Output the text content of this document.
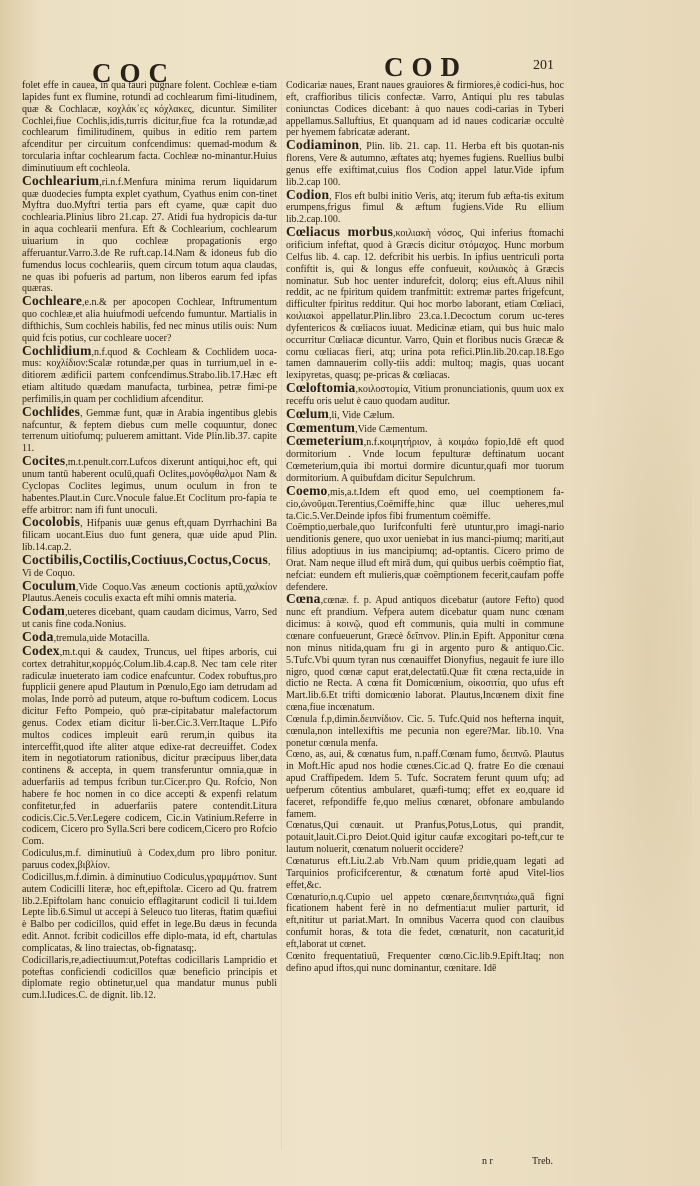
COC	COD	201

folet effe in cauea, in qua tauri pugnare folent. Cochleæ e-tiam lapides funt ex flumine, rotundi ad cochlearum fimi-litudinem, quæ & Cochlacæ, κοχλάκ᾽ες κόχλακες, dicuntur. Similiter Cochlei,fiue Cochlis,idis,turris dicitur,fiue fca la rotundæ,ad cochlearum fimilitudinem, quibus in editio rem partem afcenditur per circuitum confcendimus: quemad-modum & torcularia inftar cochlearum facta. Cochleæ no-minantur.Huius diminutiuum eft cochleola.

Cochlearium,ri.n.f.Menfura minima rerum liquidarum quæ duodecies fumpta explet cyathum, Cyathus enim con-tinet Myftra duo.Myftri tertia pars eft cyame, quæ capit duo cochlearia.Plinius libro 21.cap. 27. Atidi fua hydropicis da-tur in aqua cochlearii menfura. Eft & Cochlearium, cochlearum uiuarium in quo cochleæ propagationis ergo afferuantur.Varro.3.de Re ruft.cap.14.Nam & idoneus fub dio fumendus locus cochleariis, quem circum totum aqua claudas, ne quas ibi pofueris ad partum, non liberos earum fed ipfas quæras.

Cochleare,e.n.& per apocopen Cochlear, Inftrumentum quo cochleæ,et alia huiufmodi uefcendo fumuntur. Martialis in difthichis, Sum cochleis habilis, fed nec minus utilis ouis: Num quid fcis potius, cur cochleare uocer?

Cochlidium,n.f.quod & Cochleam & Cochlidem uoca-mus: κοχλίδιον:Scalæ rotundæ,per quas in turrium,uel in e-ditiorem ædificii partem confcendimus.Strabo.lib.17.Hæc eft etiam altitudo quædam manufacta, turbinea, petræ fimi-pe perfimilis,in quam per cochlidium afcenditur.

Cochlides, Gemmæ funt, quæ in Arabia ingentibus glebis nafcuntur, & feptem diebus cum melle coquuntur, donec terrenum uitiofumq; puluerem amittant. Vide Plin.lib.37. capite 11.

Cocites,m.t.penult.corr.Lufcos dixerunt antiqui,hoc eft, qui unum tantū haberent oculū,quafi Oclites,μονόφθαλμοι Nam & Cyclopas Coclites legimus, unum oculum in fron te habentes.Plaut.in Curc.Vnocule falue.Et Coclitum pro-fapia te effe arbitror: nam ifi funt unoculi.

Cocolobis, Hifpanis uuæ genus eft,quam Dyrrhachini Ba filicam uocant.Eius duo funt genera, quæ uide apud Plin. lib.14.cap.2.

Coctibilis,Coctilis,Coctiuus,Coctus,Cocus, Vi de Coquo.

Coculum,Vide Coquo.Vas æneum coctionis aptū,χαλκίον Plautus.Aeneis coculis exacta eft mihi omnis materia.

Codam,ueteres dicebant, quam caudam dicimus, Varro, Sed ut canis fine coda.Nonius.

Coda,tremula,uide Motacilla.

Codex,m.t.qui & caudex, Truncus, uel ftipes arboris, cui cortex detrahitur,κορμός.Colum.lib.4.cap.8. Nec tam cele riter radiculæ inueterato iam codice enafcuntur. Codex robuftus,pro fupplicii genere apud Plautum in Pœnulo,Ego iam detrudam ad molas, Inde porrò ad puteum, atque ro-buftum codicem. Locus dicitur Fefto Pompeio, quò præ-cipitabatur malefactorum genus. Codex etiam dicitur li-ber.Cic.3.Verr.Itaque L.Pifo multos codices impleuit earū rerum,in quibus ita interceffit,quod ifte aliter atque edixe-rat decreuiffet. Codex item in negotiatorum rationibus, dicitur præcipuus liber,data continens & accepta, in quem transferuntur omnia,quæ in aduerfariis ad tempus fcribun tur.Cicer.pro Qu. Rofcio, Non habere fe hoc nomen in co dice accepti & expenfi relatum confitetur,fed in aduerfariis patere contendit.Litura codicis.Cic.5.Ver.Legere codicem, Cic.in Vatinium.Referre in codicem, Cicero pro Sylla.Scri bere codicem,Cicero pro Rofcio Com.

Codiculus,m.f. diminutiuū à Codex,dum pro libro ponitur. paruus codex,βιβλίον.

Codicillus,m.f.dimin. à diminutiuo Codiculus,γραμμάτιον. Sunt autem Codicilli literæ, hoc eft,epiftolæ. Cicero ad Qu. fratrem lib.2.Epiftolam hanc conuicio efflagitarunt codicil li tui.Idem Lepte lib.6.Simul ut accepi à Seleuco tuo literas, ftatim quæfiui è Balbo per codicillos, quid effet in lege.Bu dæus in fecunda edit. Annot. fcribit codicillos effe diplo-mata, id eft, chartulas complicatas, & lino traiectas, ob-fignatasq;.

Codicillaris,re,adiectiuum:ut,Poteftas codicillaris Lampridio et poteftas conficiendi codicillos quæ beneficio principis et diplomate regio obtinetur,uel qua mandatur munus publi cum.l.Iudices.C. de dignit. lib.12.

Codicariæ naues, Erant naues grauiores & firmiores,è codici-hus, hoc eft, craffioribus tilicis confectæ. Varro, Antiqui plu res tabulas coniunctas Codices dicebant: à quo naues codi-carias in Tyberi appellamus.Salluftius, Et quanquam ad id naues codicariæ occultè per hyemem fabricatæ aderant.

Codiaminon, Plin. lib. 21. cap. 11. Herba eft bis quotan-nis florens, Vere & autumno, æftates atq; hyemes fugiens. Ruellius bulbi genus effe exiftimat,cuius flos Codion appel latur.Vide ipfum lib.2.cap 100.

Codion, Flos eft bulbi initio Veris, atq; iterum fub æfta-tis exitum erumpens,frigus fimul & æftum fugiens.Vide Ru ellium lib.2.cap.100.

Cœliacus morbus,κοιλιακὴ νόσος, Qui inferius ftomachi orificium infeftat, quod à Græcis dicitur στόμαχος. Hunc morbum Celfus lib. 4. cap. 12. defcribit his uerbis. In ipfius uentriculi porta confiftit is, qui & longus effe confueuit, κοιλιακὸς à Græcis nominatur. Sub hoc uenter indurefcit, dolorq; eius eft.Aluus nihil reddit, ac ne fpiritum quidem tranfmittit: extremæ partes frigefcunt, difficulter fpiritus redditur. Qui hoc morbo laborant, etiam Cœliaci, κοιλιακοὶ appellatur.Plin.libro 23.ca.1.Decoctum corum uc-teres dyfentericos & cœliacos iuuat. Medicinæ etiam, qui bus huic malo occurritur Cœliacæ dicuntur. Varro, Quin et floribus nucis Græcæ & cornu cœliacas fieri, atq; urina pota refici.Plin.lib.20.cap.18.Ego tamen damnauerim colly-tiis addi: multoq; magis, quas uocant lexipyretas, quasq; pe-pricas & cœliacas.

Cœloftomia,κοιλοστομία, Vitium pronunciationis, quum uox ex receffu oris uelut è cauo quodam auditur.

Cœlum,li, Vide Cælum.

Cœmentum,Vide Cæmentum.

Cœmeterium,n.f.κοιμητήριον, à κοιμάω fopio,Idē eft quod dormitorium . Vnde locum fepulturæ deftinatum uocant Cœmeterium,quia ibi mortui dormire dicuntur,quafi mor tuorum dormitorium. A quibufdam dicitur Sepulchrum.

Coemo,mis,a.t.Idem eft quod emo, uel coemptionem fa-cio,ὠνοῦμαι.Terentius,Coëmiffe,hinc quæ illuc ueheres,mul ta.Cic.5.Ver.Deinde ipfos fibi frumentum coëmiffe.

Coëmptio,uerbale,quo Iurifconfulti ferè utuntur,pro imagi-nario uenditionis genere, quo uxor ueniebat in ius manci-piumq; mariti,aut filius adoptiuus in ius mancipiumq; ad-optantis. Cicero primo de Orat. Nam neque illud eft mirā dum, qui quibus uerbis coëmptio fiat, nefciat: eundem eft mulieris,quæ coëmptionem fecerit,caufam poffe defendere.

Cœna,cœnæ. f. p. Apud antiquos dicebatur (autore Fefto) quod nunc eft prandium. Vefpera autem dicebatur quam nunc cœnam dicimus: à κοινῷ, quod eft communis, quia multi in commune cœnare confueuerunt, Græcè δεῖπνον. Plin.in Epift. Apponitur cœna non minus nitida,quam fru gi in argento puro & antiquo.Cic. 5.Tufc.Vbi quum tyran nus cœnauiffet Dionyfius, negauit fe iure illo nigro, quod cœnæ caput erat,delectatū.Quæ fit cœna recta,uide in dictio ne Recta. A cœna fit Domicœnium, οἰκοσιτία, quo ufus eft Mart.lib.6.Et trifti domicœnio laborat. Plautus,Incœnem dixit fine cœna,fiue incœnatum.

Cœnula f.p,dimin.δειπνίδιον. Cic. 5. Tufc.Quid nos hefterna inquit, cœnula,non intellexiftis me pecunia non egere?Mar. lib.10. Vna ponetur cœnula menfa.

Cœno, as, aui, & cœnatus fum, n.paff.Cœnam fumo, δειπνῶ. Plautus in Moft.Hîc apud nos hodie cœnes.Cic.ad Q. fratre Eo die cœnaui apud Craffipedem. Idem 5. Tufc. Socratem ferunt quum ufq; ad uefperum cōtentius ambularet, quæfi-tumq; effet ex eo,quare id faceret, refpondiffe fe,quo melius cœnaret, obfonare ambulando famem.

Cœnatus,Qui cœnauit. ut Pranfus,Potus,Lotus, qui prandit, potauit,lauit.Ci.pro Deiot.Quid igitur caufæ excogitari po-teft,cur te lautum noluerit, cœnatum noluerit occidere?

Cœnaturus eft.Liu.2.ab Vrb.Nam quum pridie,quam legati ad Tarquinios proficifcerentur, & cœnatum fortè apud Vitel-lios effet,&c.

Cœnaturio,n.q.Cupio uel appeto cœnare,δειπνητιάω,quā figni ficationem habent ferè in no defmentia:ut mulier parturit, id eft,nititur ut pariat.Mart. In omnibus Vacerra quod con clauibus confumit horas, & tota die fedet, cœnaturit, non cacaturit,id eft,laborat ut cœnet.

Cœnito frequentatiuū, Frequenter cœno.Cic.lib.9.Epift.Itaq; non defino apud iftos,qui nunc dominantur, cœnitare. Idē

n r	Treb.
